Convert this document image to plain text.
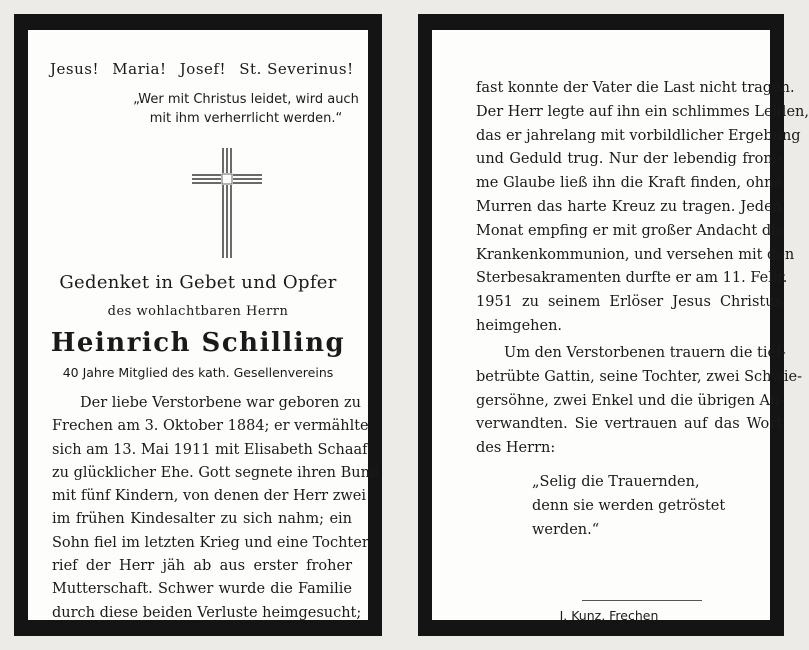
Jesus! Maria! Josef! St. Severinus!
„Wer mit Christus leidet, wird auch
mit ihm verherrlicht werden.“
Gedenket in Gebet und Opfer
des wohlachtbaren Herrn
Heinrich Schilling
40 Jahre Mitglied des kath. Gesellenvereins
Der liebe Verstorbene war geboren zu
Frechen am 3. Oktober 1884; er vermählte
sich am 13. Mai 1911 mit Elisabeth Schaaf
zu glücklicher Ehe. Gott segnete ihren Bund
mit fünf Kindern, von denen der Herr zwei
im frühen Kindesalter zu sich nahm; ein
Sohn fiel im letzten Krieg und eine Tochter
rief der Herr jäh ab aus erster froher
Mutterschaft. Schwer wurde die Familie
durch diese beiden Verluste heimgesucht;
fast konnte der Vater die Last nicht tragen.
Der Herr legte auf ihn ein schlimmes Leiden,
das er jahrelang mit vorbildlicher Ergebung
und Geduld trug. Nur der lebendig from-
me Glaube ließ ihn die Kraft finden, ohne
Murren das harte Kreuz zu tragen. Jeden
Monat empfing er mit großer Andacht die
Krankenkommunion, und versehen mit den
Sterbesakramenten durfte er am 11. Febr.
1951 zu seinem Erlöser Jesus Christus
heimgehen.
Um den Verstorbenen trauern die tief-
betrübte Gattin, seine Tochter, zwei Schwie-
gersöhne, zwei Enkel und die übrigen An-
verwandten. Sie vertrauen auf das Wort
des Herrn:
„Selig die Trauernden,
denn sie werden getröstet werden.“
J. Kunz, Frechen
